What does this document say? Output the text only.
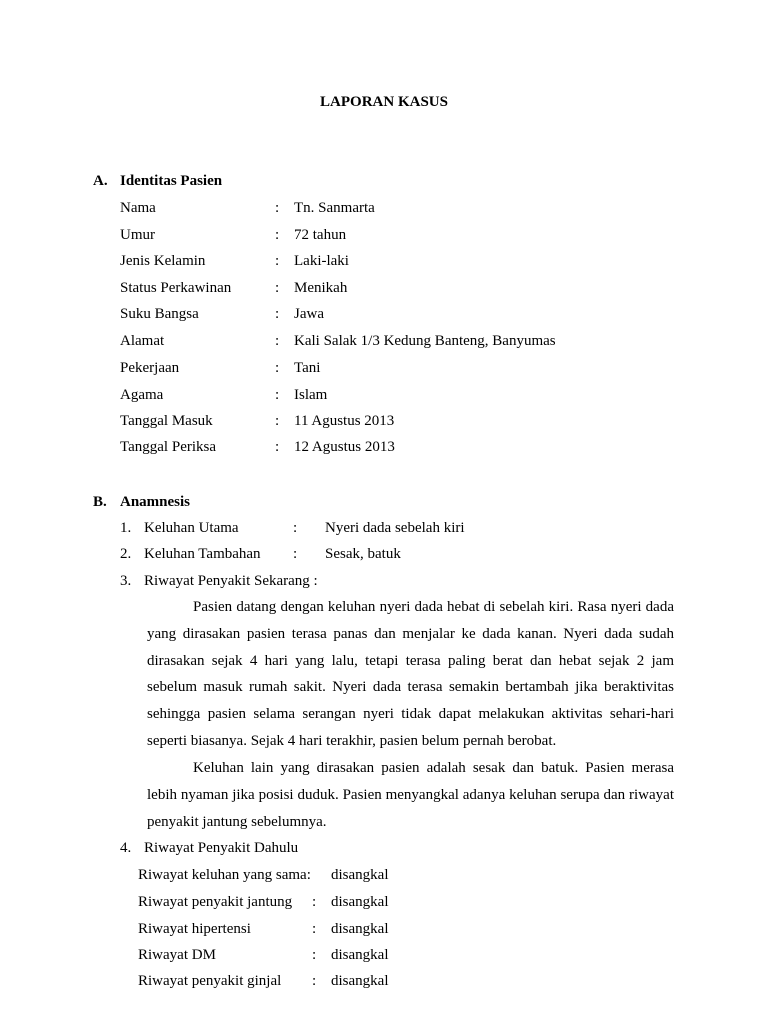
LAPORAN KASUS
A. Identitas Pasien
Nama	: Tn. Sanmarta
Umur	: 72 tahun
Jenis Kelamin	: Laki-laki
Status Perkawinan	: Menikah
Suku Bangsa	: Jawa
Alamat	: Kali Salak 1/3 Kedung Banteng, Banyumas
Pekerjaan	: Tani
Agama	: Islam
Tanggal Masuk	: 11 Agustus 2013
Tanggal Periksa	: 12 Agustus 2013
B. Anamnesis
1. Keluhan Utama	: Nyeri dada sebelah kiri
2. Keluhan Tambahan : Sesak, batuk
3. Riwayat Penyakit Sekarang :
Pasien datang dengan keluhan nyeri dada hebat di sebelah kiri. Rasa nyeri dada yang dirasakan pasien terasa panas dan menjalar ke dada kanan. Nyeri dada sudah dirasakan sejak 4 hari yang lalu, tetapi terasa paling berat dan hebat sejak 2 jam sebelum masuk rumah sakit. Nyeri dada terasa semakin bertambah jika beraktivitas sehingga pasien selama serangan nyeri tidak dapat melakukan aktivitas sehari-hari seperti biasanya. Sejak 4 hari terakhir, pasien belum pernah berobat.
Keluhan lain yang dirasakan pasien adalah sesak dan batuk. Pasien merasa lebih nyaman jika posisi duduk. Pasien menyangkal adanya keluhan serupa dan riwayat penyakit jantung sebelumnya.
4. Riwayat Penyakit Dahulu
Riwayat keluhan yang sama: disangkal
Riwayat penyakit jantung : disangkal
Riwayat hipertensi	: disangkal
Riwayat DM	: disangkal
Riwayat penyakit ginjal : disangkal
